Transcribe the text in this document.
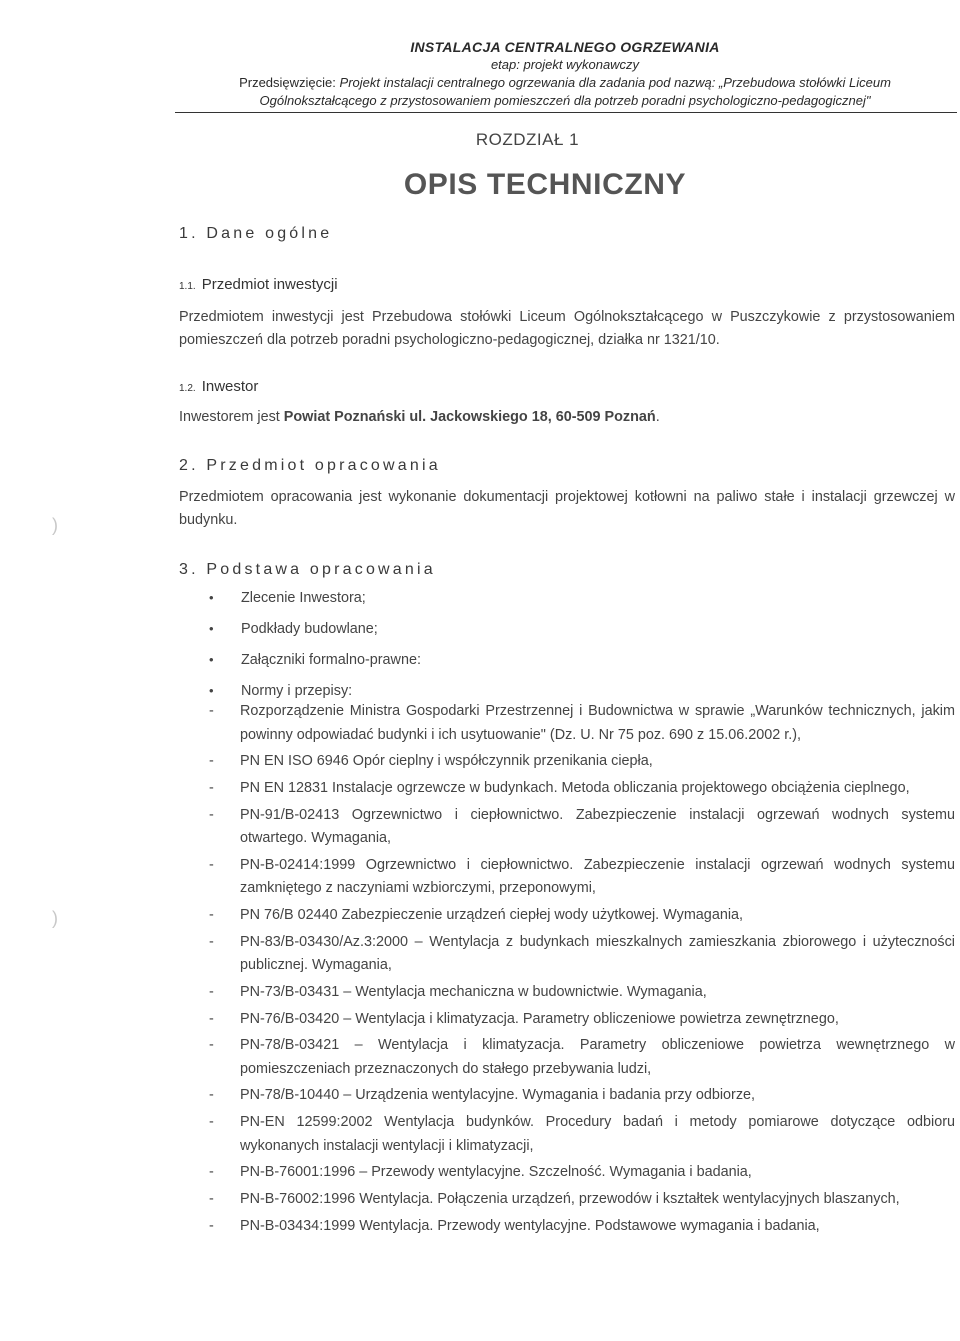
INSTALACJA CENTRALNEGO OGRZEWANIA
etap: projekt wykonawczy
Przedsięwzięcie: Projekt instalacji centralnego ogrzewania dla zadania pod nazwą: „Przebudowa stołówki Liceum
Ogólnokształcącego z przystosowaniem pomieszczeń dla potrzeb poradni psychologiczno-pedagogicznej"
ROZDZIAŁ 1
OPIS TECHNICZNY
1. Dane ogólne
1.1. Przedmiot inwestycji
Przedmiotem inwestycji jest Przebudowa stołówki Liceum Ogólnokształcącego w Puszczykowie z przystosowaniem pomieszczeń dla potrzeb poradni psychologiczno-pedagogicznej, działka nr 1321/10.
1.2. Inwestor
Inwestorem jest Powiat Poznański ul. Jackowskiego 18, 60-509 Poznań.
2. Przedmiot opracowania
Przedmiotem opracowania jest wykonanie dokumentacji projektowej kotłowni na paliwo stałe i instalacji grzewczej w budynku.
3. Podstawa opracowania
• Zlecenie Inwestora;
• Podkłady budowlane;
• Załączniki formalno-prawne:
• Normy i przepisy:
- Rozporządzenie Ministra Gospodarki Przestrzennej i Budownictwa w sprawie „Warunków technicznych, jakim powinny odpowiadać budynki i ich usytuowanie" (Dz. U. Nr 75 poz. 690 z 15.06.2002 r.),
- PN EN ISO 6946 Opór cieplny i współczynnik przenikania ciepła,
- PN EN 12831 Instalacje ogrzewcze w budynkach. Metoda obliczania projektowego obciążenia cieplnego,
- PN-91/B-02413 Ogrzewnictwo i ciepłownictwo. Zabezpieczenie instalacji ogrzewań wodnych systemu otwartego. Wymagania,
- PN-B-02414:1999 Ogrzewnictwo i ciepłownictwo. Zabezpieczenie instalacji ogrzewań wodnych systemu zamkniętego z naczyniami wzbiorczymi, przeponowymi,
- PN 76/B 02440 Zabezpieczenie urządzeń ciepłej wody użytkowej. Wymagania,
- PN-83/B-03430/Az.3:2000 – Wentylacja z budynkach mieszkalnych zamieszkania zbiorowego i użyteczności publicznej. Wymagania,
- PN-73/B-03431 – Wentylacja mechaniczna w budownictwie. Wymagania,
- PN-76/B-03420 – Wentylacja i klimatyzacja. Parametry obliczeniowe powietrza zewnętrznego,
- PN-78/B-03421 – Wentylacja i klimatyzacja. Parametry obliczeniowe powietrza wewnętrznego w pomieszczeniach przeznaczonych do stałego przebywania ludzi,
- PN-78/B-10440 – Urządzenia wentylacyjne. Wymagania i badania przy odbiorze,
- PN-EN 12599:2002 Wentylacja budynków. Procedury badań i metody pomiarowe dotyczące odbioru wykonanych instalacji wentylacji i klimatyzacji,
- PN-B-76001:1996 – Przewody wentylacyjne. Szczelność. Wymagania i badania,
- PN-B-76002:1996 Wentylacja. Połączenia urządzeń, przewodów i kształtek wentylacyjnych blaszanych,
- PN-B-03434:1999 Wentylacja. Przewody wentylacyjne. Podstawowe wymagania i badania,
)
)
